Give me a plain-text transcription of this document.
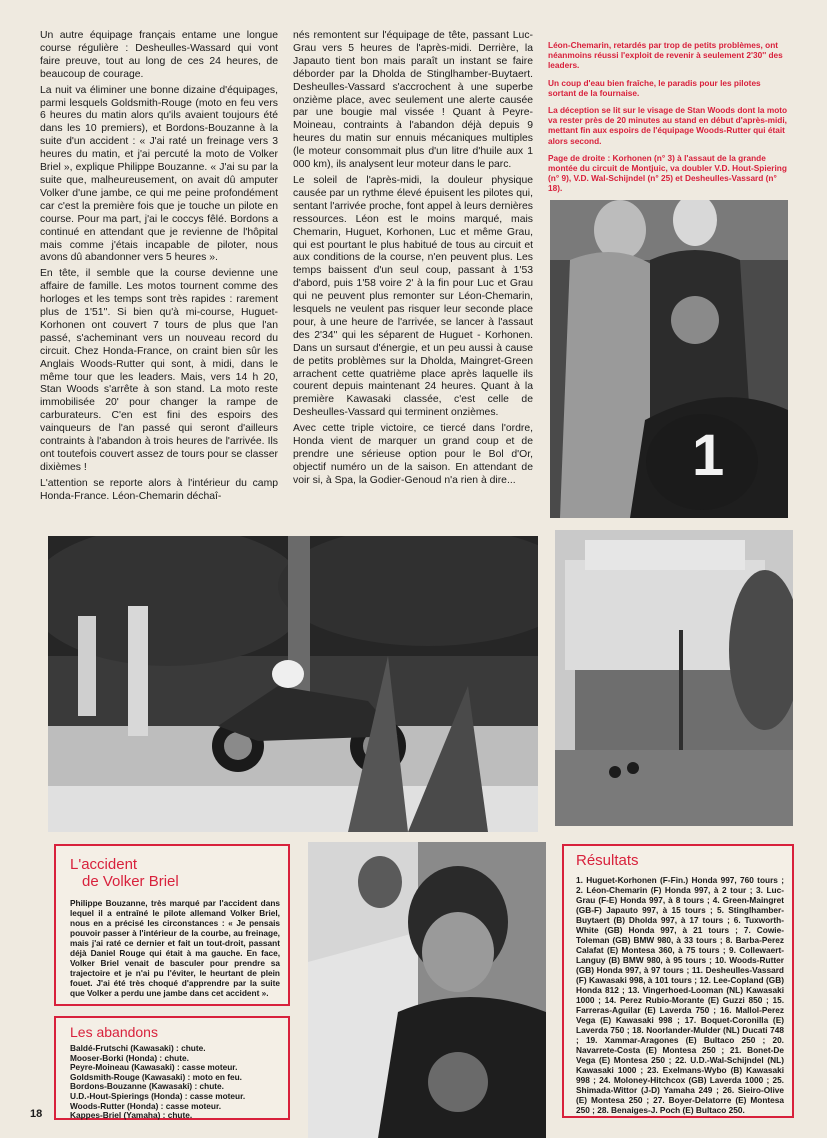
Un autre équipage français entame une longue course régulière : Desheulles-Wassard qui vont faire preuve, tout au long de ces 24 heures, de beaucoup de courage.

La nuit va éliminer une bonne dizaine d'équipages, parmi lesquels Goldsmith-Rouge (moto en feu vers 6 heures du matin alors qu'ils avaient toujours été dans les 10 premiers), et Bordons-Bouzanne à la suite d'un accident : « J'ai raté un freinage vers 3 heures du matin, et j'ai percuté la moto de Volker Briel », explique Philippe Bouzanne. « J'ai su par la suite que, malheureusement, on avait dû amputer Volker d'une jambe, ce qui me peine profondément car c'est la première fois que je touche un pilote en course. Pour ma part, j'ai le coccys fêlé. Bordons a continué en attendant que je revienne de l'hôpital mais comme j'étais incapable de piloter, nous avons dû abandonner vers 5 heures ».

En tête, il semble que la course devienne une affaire de famille. Les motos tournent comme des horloges et les temps sont très rapides : rarement plus de 1'51''. Si bien qu'à mi-course, Huguet-Korhonen ont couvert 7 tours de plus que l'an passé, s'acheminant vers un nouveau record du circuit. Chez Honda-France, on craint bien sûr les Anglais Woods-Rutter qui sont, à midi, dans le même tour que les leaders. Mais, vers 14 h 20, Stan Woods s'arrête à son stand. La moto reste immobilisée 20' pour changer la rampe de carburateurs. C'en est fini des espoirs des vainqueurs de l'an passé qui seront d'ailleurs contraints à l'abandon à trois heures de l'arrivée. Ils ont toutefois couvert assez de tours pour se classer dixièmes !

L'attention se reporte alors à l'intérieur du camp Honda-France. Léon-Chemarin déchaî-

nés remontent sur l'équipage de tête, passant Luc-Grau vers 5 heures de l'après-midi. Derrière, la Japauto tient bon mais paraît un instant se faire déborder par la Dholda de Stinglhamber-Buytaert. Desheulles-Vassard s'accrochent à une superbe onzième place, avec seulement une alerte causée par une bougie mal vissée ! Quant à Peyre-Moineau, contraints à l'abandon déjà depuis 9 heures du matin sur ennuis mécaniques multiples (le moteur consommait plus d'un litre d'huile aux 1 000 km), ils analysent leur moteur dans le parc.

Le soleil de l'après-midi, la douleur physique causée par un rythme élevé épuisent les pilotes qui, sentant l'arrivée proche, font appel à leurs dernières ressources. Léon est le moins marqué, mais Chemarin, Huguet, Korhonen, Luc et même Grau, qui est pourtant le plus habitué de tous au circuit et aux conditions de la course, n'en peuvent plus. Les temps baissent d'un seul coup, passant à 1'53 d'abord, puis 1'58 voire 2' à la fin pour Luc et Grau qui ne peuvent plus remonter sur Léon-Chemarin, lesquels ne veulent pas risquer leur seconde place pour, à une heure de l'arrivée, se lancer à l'assaut des 2'34'' qui les séparent de Huguet - Korhonen. Dans un sursaut d'énergie, et un peu aussi à cause de petits problèmes sur la Dholda, Maingret-Green arrachent cette quatrième place après laquelle ils courent depuis maintenant 24 heures. Quant à la première Kawasaki classée, c'est celle de Desheulles-Vassard qui terminent onzièmes.

Avec cette triple victoire, ce tiercé dans l'ordre, Honda vient de marquer un grand coup et de prendre une sérieuse option pour le Bol d'Or, objectif numéro un de la saison. En attendant de voir si, à Spa, la Godier-Genoud n'a rien à dire...

Léon-Chemarin, retardés par trop de petits problèmes, ont néanmoins réussi l'exploit de revenir à seulement 2'30'' des leaders.

Un coup d'eau bien fraîche, le paradis pour les pilotes sortant de la fournaise.

La déception se lit sur le visage de Stan Woods dont la moto va rester près de 20 minutes au stand en début d'après-midi, mettant fin aux espoirs de l'équipage Woods-Rutter qui était alors second.

Page de droite : Korhonen (n° 3) à l'assaut de la grande montée du circuit de Montjuic, va doubler V.D. Hout-Spiering (n° 9), V.D. Wal-Schijndel (n° 25) et Desheulles-Vassard (n° 18).

1
L'accident
de Volker Briel
Philippe Bouzanne, très marqué par l'accident dans lequel il a entraîné le pilote allemand Volker Briel, nous en a précisé les circonstances : « Je pensais pouvoir passer à l'intérieur de la courbe, au freinage, mais j'ai raté ce dernier et fait un tout-droit, passant déjà Daniel Rouge qui était à ma gauche. En face, Volker Briel venait de basculer pour prendre sa trajectoire et je n'ai pu l'éviter, le heurtant de plein fouet. J'ai été très choqué d'apprendre par la suite que Volker a perdu une jambe dans cet accident ».
Les abandons
Baldé-Frutschi (Kawasaki) : chute.
Mooser-Borki (Honda) : chute.
Peyre-Moineau (Kawasaki) : casse moteur.
Goldsmith-Rouge (Kawasaki) : moto en feu.
Bordons-Bouzanne (Kawasaki) : chute.
U.D.-Hout-Spierings (Honda) : casse moteur.
Woods-Rutter (Honda) : casse moteur.
Kappes-Briel (Yamaha) : chute.
Résultats
1. Huguet-Korhonen (F-Fin.) Honda 997, 760 tours ; 2. Léon-Chemarin (F) Honda 997, à 2 tour ; 3. Luc-Grau (F-E) Honda 997, à 8 tours ; 4. Green-Maingret (GB-F) Japauto 997, à 15 tours ; 5. Stinglhamber-Buytaert (B) Dholda 997, à 17 tours ; 6. Tuxworth-White (GB) Honda 997, à 21 tours ; 7. Cowie-Toleman (GB) BMW 980, à 33 tours ; 8. Barba-Perez Calafat (E) Montesa 360, à 75 tours ; 9. Collewaert-Languy (B) BMW 980, à 95 tours ; 10. Woods-Rutter (GB) Honda 997, à 97 tours ; 11. Desheulles-Vassard (F) Kawasaki 998, à 101 tours ; 12. Lee-Copland (GB) Honda 812 ; 13. Vingerhoed-Looman (NL) Kawasaki 1000 ; 14. Perez Rubio-Morante (E) Guzzi 850 ; 15. Farreras-Aguilar (E) Laverda 750 ; 16. Mallol-Perez Vega (E) Kawasaki 998 ; 17. Boquet-Coronilla (E) Laverda 750 ; 18. Noorlander-Mulder (NL) Ducati 748 ; 19. Xammar-Aragones (E) Bultaco 250 ; 20. Navarrete-Costa (E) Montesa 250 ; 21. Bonet-De Vega (E) Montesa 250 ; 22. U.D.-Wal-Schijndel (NL) Kawasaki 1000 ; 23. Exelmans-Wybo (B) Kawasaki 998 ; 24. Moloney-Hitchcox (GB) Laverda 1000 ; 25. Shimada-Wittor (J-D) Yamaha 249 ; 26. Sieiro-Olive (E) Montesa 250 ; 27. Boyer-Delatorre (E) Montesa 250 ; 28. Benaiges-J. Poch (E) Bultaco 250.
18
